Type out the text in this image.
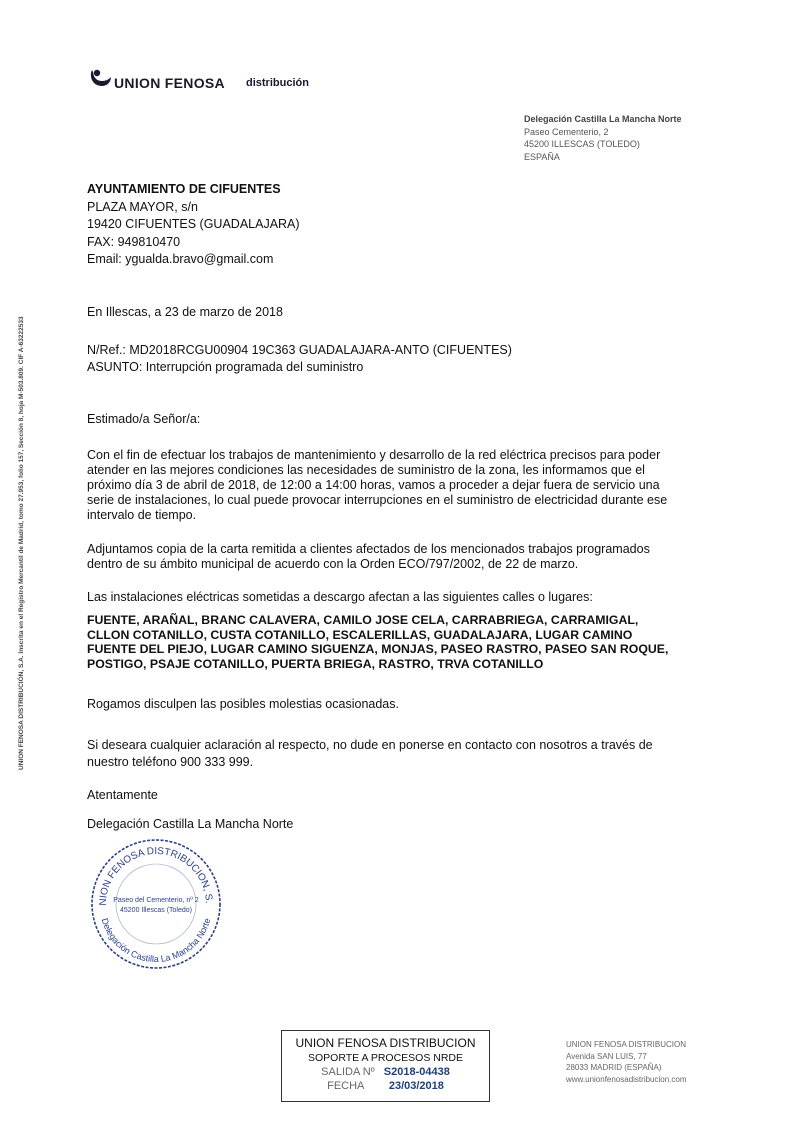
UNION FENOSA distribución
Delegación Castilla La Mancha Norte
Paseo Cementerio, 2
45200 ILLESCAS (TOLEDO)
ESPAÑA
UNION FENOSA DISTRIBUCIÓN, S.A. Inscrita en el Registro Mercantil de Madrid, tomo 27.953, folio 157, Sección 8, hoja M-503.809. CIF A-63222533
AYUNTAMIENTO DE CIFUENTES
PLAZA MAYOR, s/n
19420 CIFUENTES (GUADALAJARA)
FAX: 949810470
Email: ygualda.bravo@gmail.com
En Illescas, a 23 de marzo de 2018
N/Ref.: MD2018RCGU00904 19C363 GUADALAJARA-ANTO (CIFUENTES)
ASUNTO: Interrupción programada del suministro
Estimado/a Señor/a:
Con el fin de efectuar los trabajos de mantenimiento y desarrollo de la red eléctrica precisos para poder
atender en las mejores condiciones las necesidades de suministro de la zona, les informamos que el
próximo día 3 de abril de 2018, de 12:00 a 14:00 horas, vamos a proceder a dejar fuera de servicio una
serie de instalaciones, lo cual puede provocar interrupciones en el suministro de electricidad durante ese
intervalo de tiempo.
Adjuntamos copia de la carta remitida a clientes afectados de los mencionados trabajos programados
dentro de su ámbito municipal de acuerdo con la Orden ECO/797/2002, de 22 de marzo.
Las instalaciones eléctricas sometidas a descargo afectan a las siguientes calles o lugares:
FUENTE, ARAÑAL, BRANC CALAVERA, CAMILO JOSE CELA, CARRABRIEGA, CARRAMIGAL,
CLLON COTANILLO, CUSTA COTANILLO, ESCALERILLAS, GUADALAJARA, LUGAR CAMINO
FUENTE DEL PIEJO, LUGAR CAMINO SIGUENZA, MONJAS, PASEO RASTRO, PASEO SAN ROQUE,
POSTIGO, PSAJE COTANILLO, PUERTA BRIEGA, RASTRO, TRVA COTANILLO
Rogamos disculpen las posibles molestias ocasionadas.
Si deseara cualquier aclaración al respecto, no dude en ponerse en contacto con nosotros a través de
nuestro teléfono 900 333 999.
Atentamente
Delegación Castilla La Mancha Norte
NION FENOSA DISTRIBUCION, S.
Delegación Castilla La Mancha Norte
Paseo del Cementerio, nº 2
45200 Illescas (Toledo)
UNION FENOSA DISTRIBUCION
SOPORTE A PROCESOS NRDE
SALIDA Nº S2018-04438
FECHA 23/03/2018
UNION FENOSA DISTRIBUCION
Avenida SAN LUIS, 77
28033 MADRID (ESPAÑA)
www.unionfenosadistribucion.com
